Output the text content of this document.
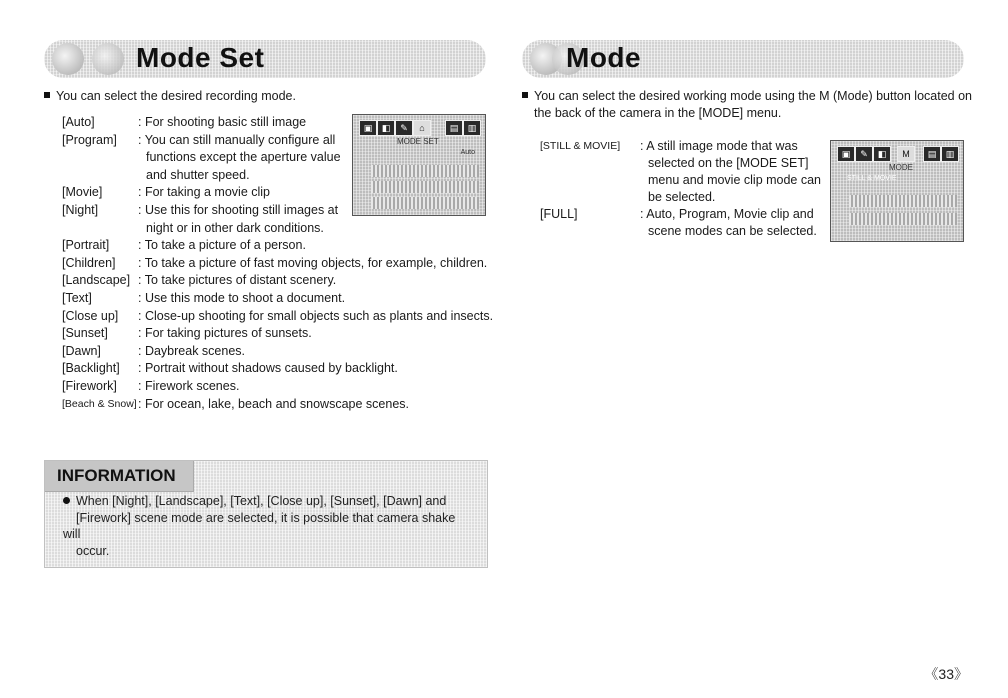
Mode Set	Mode
You can select the desired recording mode.
[Auto]	: For shooting basic still image
[Program] : You can still manually configure all
functions except the aperture value
and shutter speed.
[Movie]	: For taking a movie clip
[Night]	: Use this for shooting still images at
night or in other dark conditions.
[Portrait] : To take a picture of a person.
[Children] : To take a picture of fast moving objects, for example, children.
[Landscape] : To take pictures of distant scenery.
[Text]	: Use this mode to shoot a document.
[Close up] : Close-up shooting for small objects such as plants and insects.
[Sunset] : For taking pictures of sunsets.
[Dawn]	: Daybreak scenes.
[Backlight] : Portrait without shadows caused by backlight.
[Firework] : Firework scenes.
[Beach & Snow] : For ocean, lake, beach and snowscape scenes.
▣	◧	✎	⌂	▤	▥
MODE SET
Auto
You can select the desired working mode using the M (Mode) button located on
the back of the camera in the [MODE] menu.
[STILL & MOVIE] : A still image mode that was
selected on the [MODE SET]
menu and movie clip mode can
be selected.
[FULL]	: Auto, Program, Movie clip and
scene modes can be selected.
▣	✎	◧	M	▤	▥
MODE
STILL & MOVIE
INFORMATION
When [Night], [Landscape], [Text], [Close up], [Sunset], [Dawn] and
[Firework] scene mode are selected, it is possible that camera shake will
occur.
《33》
